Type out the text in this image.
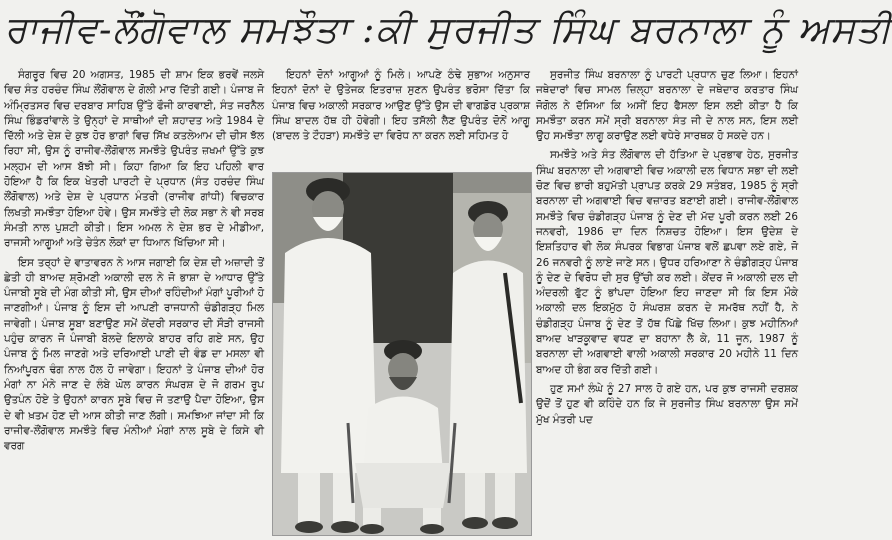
ਰਾਜੀਵ-ਲੌਂਗੋਵਾਲ ਸਮਝੌਤਾ :ਕੀ ਸੁਰਜੀਤ ਸਿੰਘ ਬਰਨਾਲਾ ਨੂੰ ਅਸਤੀ

ਸੰਗਰੂਰ ਵਿਚ 20 ਅਗਸਤ, 1985 ਦੀ ਸ਼ਾਮ ਇਕ ਭਰਵੇਂ ਜਲਸੇ ਵਿਚ ਸੰਤ ਹਰਚੰਦ ਸਿੰਘ ਲੌਂਗੋਵਾਲ ਦੇ ਗੋਲੀ ਮਾਰ ਦਿੱਤੀ ਗਈ। ਪੰਜਾਬ ਜੋ ਅੰਮ੍ਰਿਤਸਰ ਵਿਚ ਦਰਬਾਰ ਸਾਹਿਬ ਉੱਤੇ ਫੌਜੀ ਕਾਰਵਾਈ, ਸੰਤ ਜਰਨੈਲ ਸਿੰਘ ਭਿੰਡਰਾਂਵਾਲੇ ਤੇ ਉਨ੍ਹਾਂ ਦੇ ਸਾਥੀਆਂ ਦੀ ਸ਼ਹਾਦਤ ਅਤੇ 1984 ਦੇ ਦਿੱਲੀ ਅਤੇ ਦੇਸ਼ ਦੇ ਕੁਝ ਹੋਰ ਭਾਗਾਂ ਵਿਚ ਸਿੱਖ ਕਤਲੇਆਮ ਦੀ ਚੀਸ ਝੱਲ ਰਿਹਾ ਸੀ, ਉਸ ਨੂੰ ਰਾਜੀਵ-ਲੌਂਗੋਵਾਲ ਸਮਝੌਤੇ ਉਪਰੰਤ ਜ਼ਖਮਾਂ ਉੱਤੇ ਕੁਝ ਮਲ੍ਹਮ ਦੀ ਆਸ ਬੱਝੀ ਸੀ। ਕਿਹਾ ਗਿਆ ਕਿ ਇਹ ਪਹਿਲੀ ਵਾਰ ਹੋਇਆ ਹੈ ਕਿ ਇਕ ਖੇਤਰੀ ਪਾਰਟੀ ਦੇ ਪ੍ਰਧਾਨ (ਸੰਤ ਹਰਚੰਦ ਸਿੰਘ ਲੌਂਗੋਵਾਲ) ਅਤੇ ਦੇਸ਼ ਦੇ ਪ੍ਰਧਾਨ ਮੰਤਰੀ (ਰਾਜੀਵ ਗਾਂਧੀ) ਵਿਚਕਾਰ ਲਿਖਤੀ ਸਮਝੌਤਾ ਹੋਇਆ ਹੋਵੇ। ਉਸ ਸਮਝੌਤੇ ਦੀ ਲੋਕ ਸਭਾ ਨੇ ਵੀ ਸਰਬ ਸੰਮਤੀ ਨਾਲ ਪੁਸ਼ਟੀ ਕੀਤੀ। ਇਸ ਅਮਲ ਨੇ ਦੇਸ਼ ਭਰ ਦੇ ਮੀਡੀਆ, ਰਾਜਸੀ ਆਗੂਆਂ ਅਤੇ ਚੇਤੰਨ ਲੋਕਾਂ ਦਾ ਧਿਆਨ ਖਿੱਚਿਆ ਸੀ।

ਇਸ ਤਰ੍ਹਾਂ ਦੇ ਵਾਤਾਵਰਨ ਨੇ ਆਸ ਜਗਾਈ ਕਿ ਦੇਸ਼ ਦੀ ਅਜ਼ਾਦੀ ਤੋਂ ਛੇਤੀ ਹੀ ਬਾਅਦ ਸ਼੍ਰੋਮਣੀ ਅਕਾਲੀ ਦਲ ਨੇ ਜੋ ਭਾਸ਼ਾ ਦੇ ਆਧਾਰ ਉੱਤੇ ਪੰਜਾਬੀ ਸੂਬੇ ਦੀ ਮੰਗ ਕੀਤੀ ਸੀ, ਉਸ ਦੀਆਂ ਰਹਿੰਦੀਆਂ ਮੰਗਾਂ ਪੂਰੀਆਂ ਹੋ ਜਾਣਗੀਆਂ। ਪੰਜਾਬ ਨੂੰ ਇਸ ਦੀ ਆਪਣੀ ਰਾਜਧਾਨੀ ਚੰਡੀਗੜ੍ਹ ਮਿਲ ਜਾਵੇਗੀ। ਪੰਜਾਬ ਸੂਬਾ ਬਣਾਉਣ ਸਮੇਂ ਕੇਂਦਰੀ ਸਰਕਾਰ ਦੀ ਸੌੜੀ ਰਾਜਸੀ ਪਹੁੰਚ ਕਾਰਨ ਜੋ ਪੰਜਾਬੀ ਬੋਲਦੇ ਇਲਾਕੇ ਬਾਹਰ ਰਹਿ ਗਏ ਸਨ, ਉਹ ਪੰਜਾਬ ਨੂੰ ਮਿਲ ਜਾਣਗੇ ਅਤੇ ਦਰਿਆਈ ਪਾਣੀ ਦੀ ਵੰਡ ਦਾ ਮਸਲਾ ਵੀ ਨਿਆਂਪੂਰਨ ਢੰਗ ਨਾਲ ਹੱਲ ਹੋ ਜਾਵੇਗਾ। ਇਹਨਾਂ ਤੇ ਪੰਜਾਬ ਦੀਆਂ ਹੋਰ ਮੰਗਾਂ ਨਾ ਮੰਨੇ ਜਾਣ ਦੇ ਲੰਬੇ ਘੋਲ ਕਾਰਨ ਸੰਘਰਸ਼ ਦੇ ਜੋ ਗਰਮ ਰੂਪ ਉਤਪੰਨ ਹੋਏ ਤੇ ਉਹਨਾਂ ਕਾਰਨ ਸੂਬੇ ਵਿਚ ਜੋ ਤਣਾਉ ਪੈਦਾ ਹੋਇਆ, ਉਸ ਦੇ ਵੀ ਖ਼ਤਮ ਹੋਣ ਦੀ ਆਸ ਕੀਤੀ ਜਾਣ ਲੱਗੀ। ਸਮਝਿਆ ਜਾਂਦਾ ਸੀ ਕਿ ਰਾਜੀਵ-ਲੌਂਗੋਵਾਲ ਸਮਝੌਤੇ ਵਿਚ ਮੰਨੀਆਂ ਮੰਗਾਂ ਨਾਲ ਸੂਬੇ ਦੇ ਕਿਸੇ ਵੀ ਵਰਗ

ਇਹਨਾਂ ਦੋਨਾਂ ਆਗੂਆਂ ਨੂੰ ਮਿਲੇ। ਆਪਣੇ ਠੰਢੇ ਸੁਭਾਅ ਅਨੁਸਾਰ ਇਹਨਾਂ ਦੋਨਾਂ ਦੇ ਉਤੇਜਕ ਇਤਰਾਜ਼ ਸੁਣਨ ਉਪਰੰਤ ਭਰੋਸਾ ਦਿੱਤਾ ਕਿ ਪੰਜਾਬ ਵਿਚ ਅਕਾਲੀ ਸਰਕਾਰ ਆਉਣ ਉੱਤੇ ਉਸ ਦੀ ਵਾਗਡੋਰ ਪ੍ਰਕਾਸ਼ ਸਿੰਘ ਬਾਦਲ ਹੱਥ ਹੀ ਹੋਵੇਗੀ। ਇਹ ਤਸੱਲੀ ਲੈਣ ਉਪਰੰਤ ਦੋਨੋਂ ਆਗੂ (ਬਾਦਲ ਤੇ ਟੌਹੜਾ) ਸਮਝੌਤੇ ਦਾ ਵਿਰੋਧ ਨਾ ਕਰਨ ਲਈ ਸਹਿਮਤ ਹੋ

ਸੁਰਜੀਤ ਸਿੰਘ ਬਰਨਾਲਾ ਨੂੰ ਪਾਰਟੀ ਪ੍ਰਧਾਨ ਚੁਣ ਲਿਆ। ਇਹਨਾਂ ਜਥੇਦਾਰਾਂ ਵਿਚ ਸਾਮਲ ਜ਼ਿਲ੍ਹਾ ਬਰਨਾਲਾ ਦੇ ਜਥੇਦਾਰ ਕਰਤਾਰ ਸਿੰਘ ਜੋਗੋਲ ਨੇ ਦੱਸਿਆ ਕਿ ਅਸੀਂ ਇਹ ਫੈਸਲਾ ਇਸ ਲਈ ਕੀਤਾ ਹੈ ਕਿ ਸਮਝੌਤਾ ਕਰਨ ਸਮੇਂ ਸ੍ਰੀ ਬਰਨਾਲਾ ਸੰਤ ਜੀ ਦੇ ਨਾਲ ਸਨ, ਇਸ ਲਈ ਉਹ ਸਮਝੌਤਾ ਲਾਗੂ ਕਰਾਉਣ ਲਈ ਵਧੇਰੇ ਸਾਰਥਕ ਹੋ ਸਕਦੇ ਹਨ।

ਸਮਝੌਤੇ ਅਤੇ ਸੰਤ ਲੌਂਗੋਵਾਲ ਦੀ ਹੱਤਿਆ ਦੇ ਪ੍ਰਭਾਵ ਹੇਠ, ਸੁਰਜੀਤ ਸਿੰਘ ਬਰਨਾਲਾ ਦੀ ਅਗਵਾਈ ਵਿਚ ਅਕਾਲੀ ਦਲ ਵਿਧਾਨ ਸਭਾ ਦੀ ਲਈ ਚੋਣ ਵਿਚ ਭਾਰੀ ਬਹੁਮੱਤੀ ਪ੍ਰਾਪਤ ਕਰਕੇ 29 ਸਤੰਬਰ, 1985 ਨੂੰ ਸ੍ਰੀ ਬਰਨਾਲਾ ਦੀ ਅਗਵਾਈ ਵਿਚ ਵਜ਼ਾਰਤ ਬਣਾਈ ਗਈ। ਰਾਜੀਵ-ਲੌਂਗੋਵਾਲ ਸਮਝੌਤੇ ਵਿਚ ਚੰਡੀਗੜ੍ਹ ਪੰਜਾਬ ਨੂੰ ਦੇਣ ਦੀ ਮੱਦ ਪੂਰੀ ਕਰਨ ਲਈ 26 ਜਨਵਰੀ, 1986 ਦਾ ਦਿਨ ਨਿਸ਼ਚਤ ਹੋਇਆ। ਇਸ ਉਦੇਸ਼ ਦੇ ਇਸ਼ਤਿਹਾਰ ਵੀ ਲੋਕ ਸੰਪਰਕ ਵਿਭਾਗ ਪੰਜਾਬ ਵਲੋਂ ਛਪਵਾ ਲਏ ਗਏ, ਜੋ 26 ਜਨਵਰੀ ਨੂੰ ਲਾਏ ਜਾਣੇ ਸਨ। ਉਧਰ ਹਰਿਆਣਾ ਨੇ ਚੰਡੀਗੜ੍ਹ ਪੰਜਾਬ ਨੂੰ ਦੇਣ ਦੇ ਵਿਰੋਧ ਦੀ ਸੁਰ ਉੱਚੀ ਕਰ ਲਈ। ਕੇਂਦਰ ਜੋ ਅਕਾਲੀ ਦਲ ਦੀ ਅੰਦਰਲੀ ਫੁੱਟ ਨੂੰ ਭਾਂਪਦਾ ਹੋਇਆ ਇਹ ਜਾਣਦਾ ਸੀ ਕਿ ਇਸ ਮੌਕੇ ਅਕਾਲੀ ਦਲ ਇਕਮੁੱਠ ਹੋ ਸੰਘਰਸ਼ ਕਰਨ ਦੇ ਸਮਰੱਥ ਨਹੀਂ ਹੈ, ਨੇ ਚੰਡੀਗੜ੍ਹ ਪੰਜਾਬ ਨੂੰ ਦੇਣ ਤੋਂ ਹੱਥ ਪਿੱਛੇ ਖਿੱਚ ਲਿਆ। ਕੁਝ ਮਹੀਨਿਆਂ ਬਾਅਦ ਖਾੜਕੂਵਾਦ ਵਧਣ ਦਾ ਬਹਾਨਾ ਲੈ ਕੇ, 11 ਜੂਨ, 1987 ਨੂੰ ਬਰਨਾਲਾ ਦੀ ਅਗਵਾਈ ਵਾਲੀ ਅਕਾਲੀ ਸਰਕਾਰ 20 ਮਹੀਨੇ 11 ਦਿਨ ਬਾਅਦ ਹੀ ਭੰਗ ਕਰ ਦਿੱਤੀ ਗਈ।

ਹੁਣ ਸਮਾਂ ਲੰਘੇ ਨੂੰ 27 ਸਾਲ ਹੋ ਗਏ ਹਨ, ਪਰ ਕੁਝ ਰਾਜਸੀ ਦਰਸ਼ਕ ਉਦੋਂ ਤੋਂ ਹੁਣ ਵੀ ਕਹਿੰਦੇ ਹਨ ਕਿ ਜੇ ਸੁਰਜੀਤ ਸਿੰਘ ਬਰਨਾਲਾ ਉਸ ਸਮੇਂ ਮੁੱਖ ਮੰਤਰੀ ਪਦ
